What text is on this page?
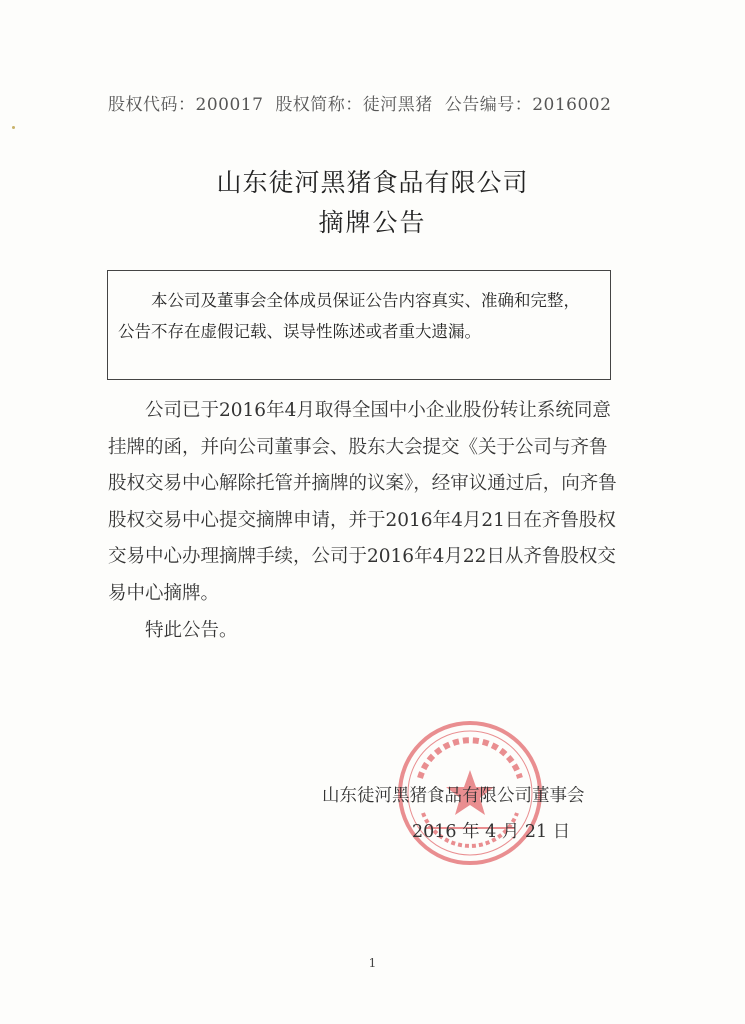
股权代码：200017 股权简称：徒河黑猪 公告编号：2016002
山东徒河黑猪食品有限公司
摘牌公告
本公司及董事会全体成员保证公告内容真实、准确和完整，
公告不存在虚假记载、误导性陈述或者重大遗漏。

公司已于2016年4月取得全国中小企业股份转让系统同意挂牌的函，并向公司董事会、股东大会提交《关于公司与齐鲁股权交易中心解除托管并摘牌的议案》，经审议通过后，向齐鲁股权交易中心提交摘牌申请，并于2016年4月21日在齐鲁股权交易中心办理摘牌手续，公司于2016年4月22日从齐鲁股权交易中心摘牌。

特此公告。

山东徒河黑猪食品有限公司董事会
2016 年 4 月 21 日
1
